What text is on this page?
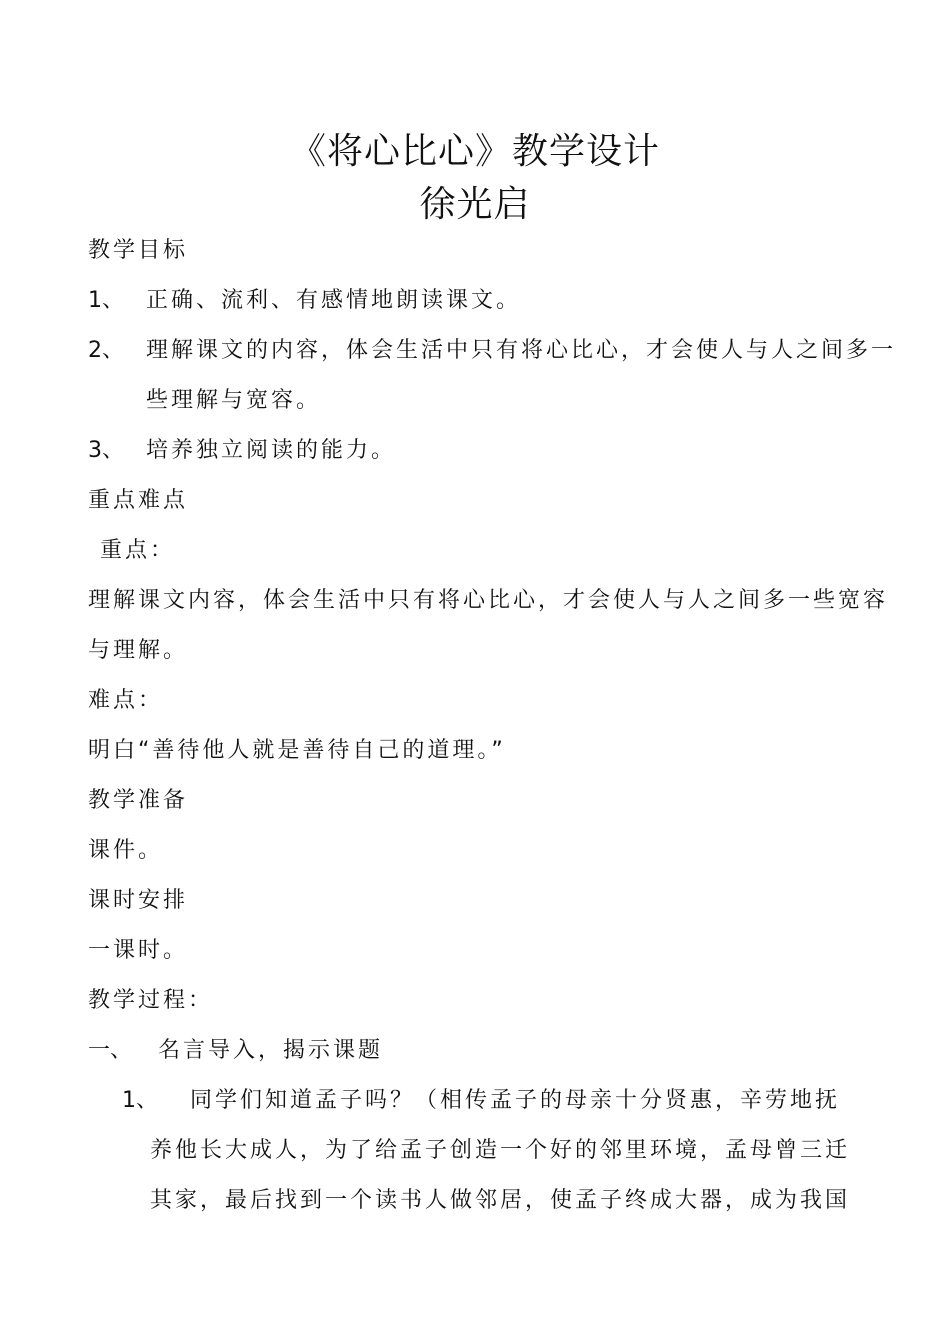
《将心比心》教学设计
徐光启
教学目标
1、 正确、流利、有感情地朗读课文。
2、 理解课文的内容，体会生活中只有将心比心，才会使人与人之间多一
些理解与宽容。
3、 培养独立阅读的能力。
重点难点
重点：
理解课文内容，体会生活中只有将心比心，才会使人与人之间多一些宽容
与理解。
难点：
明白“善待他人就是善待自己的道理。”
教学准备
课件。
课时安排
一课时。
教学过程：
一、 名言导入，揭示课题
1、 同学们知道孟子吗？（相传孟子的母亲十分贤惠，辛劳地抚
养他长大成人，为了给孟子创造一个好的邻里环境，孟母曾三迁
其家，最后找到一个读书人做邻居，使孟子终成大器，成为我国
